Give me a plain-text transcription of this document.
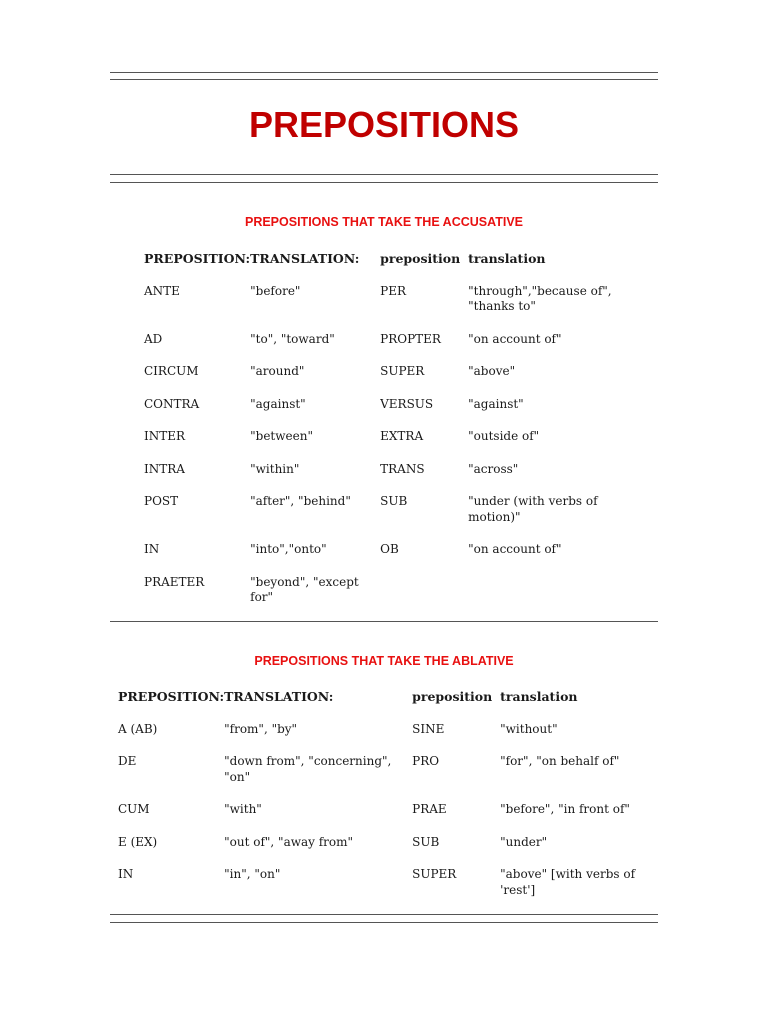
PREPOSITIONS
PREPOSITIONS THAT TAKE THE ACCUSATIVE
PREPOSITION:	TRANSLATION:	preposition	translation
ANTE	"before"	PER	"through","because of", "thanks to"
AD	"to", "toward"	PROPTER	"on account of"
CIRCUM	"around"	SUPER	"above"
CONTRA	"against"	VERSUS	"against"
INTER	"between"	EXTRA	"outside of"
INTRA	"within"	TRANS	"across"
POST	"after", "behind"	SUB	"under (with verbs of motion)"
IN	"into","onto"	OB	"on account of"
PRAETER	"beyond", "except for"		
PREPOSITIONS THAT TAKE THE ABLATIVE
PREPOSITION:	TRANSLATION:	preposition	translation
A (AB)	"from", "by"	SINE	"without"
DE	"down from", "concerning", "on"	PRO	"for", "on behalf of"
CUM	"with"	PRAE	"before", "in front of"
E (EX)	"out of", "away from"	SUB	"under"
IN	"in", "on"	SUPER	"above" [with verbs of 'rest']
